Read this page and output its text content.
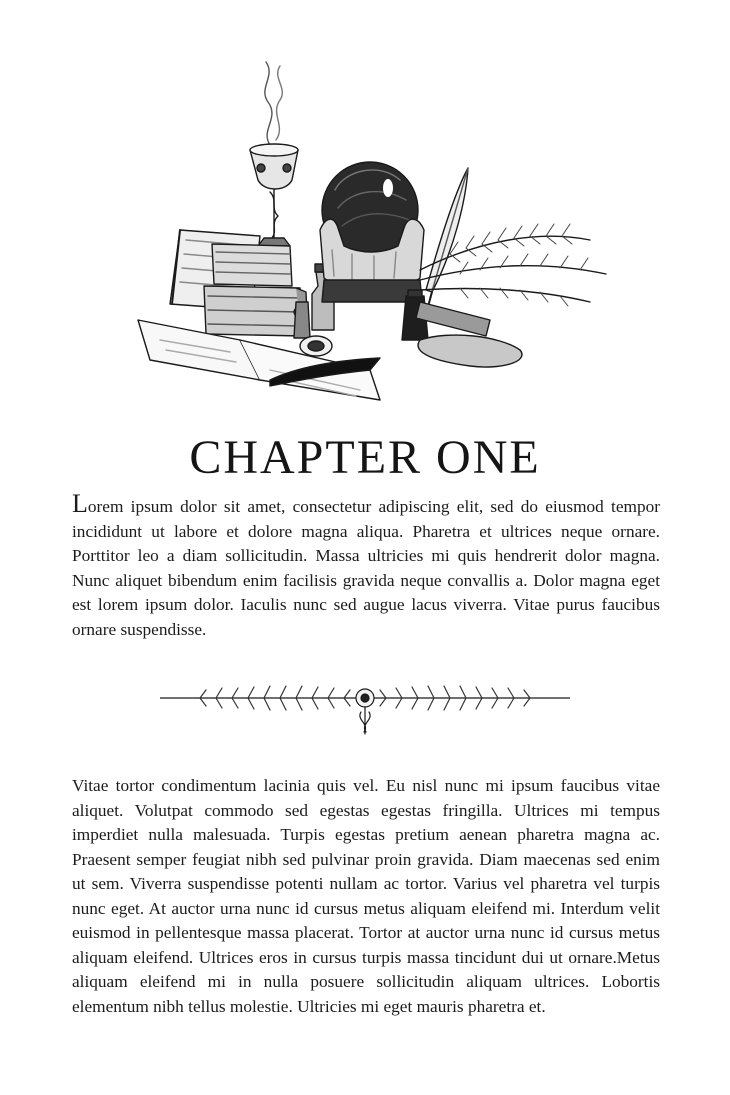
CHAPTER ONE

Lorem ipsum dolor sit amet, consectetur adipiscing elit, sed do eiusmod tempor incididunt ut labore et dolore magna aliqua. Pharetra et ultrices neque ornare. Porttitor leo a diam sollicitudin. Massa ultricies mi quis hendrerit dolor magna. Nunc aliquet bibendum enim facilisis gravida neque convallis a. Dolor magna eget est lorem ipsum dolor. Iaculis nunc sed augue lacus viverra. Vitae purus faucibus ornare suspendisse.

Vitae tortor condimentum lacinia quis vel. Eu nisl nunc mi ipsum faucibus vitae aliquet. Volutpat commodo sed egestas egestas fringilla. Ultrices mi tempus imperdiet nulla malesuada. Turpis egestas pretium aenean pharetra magna ac. Praesent semper feugiat nibh sed pulvinar proin gravida. Diam maecenas sed enim ut sem. Viverra suspendisse potenti nullam ac tortor. Varius vel pharetra vel turpis nunc eget. At auctor urna nunc id cursus metus aliquam eleifend mi. Interdum velit euismod in pellentesque massa placerat. Tortor at auctor urna nunc id cursus metus aliquam eleifend. Ultrices eros in cursus turpis massa tincidunt dui ut ornare.Metus aliquam eleifend mi in nulla posuere sollicitudin aliquam ultrices. Lobortis elementum nibh tellus molestie. Ultricies mi eget mauris pharetra et.
